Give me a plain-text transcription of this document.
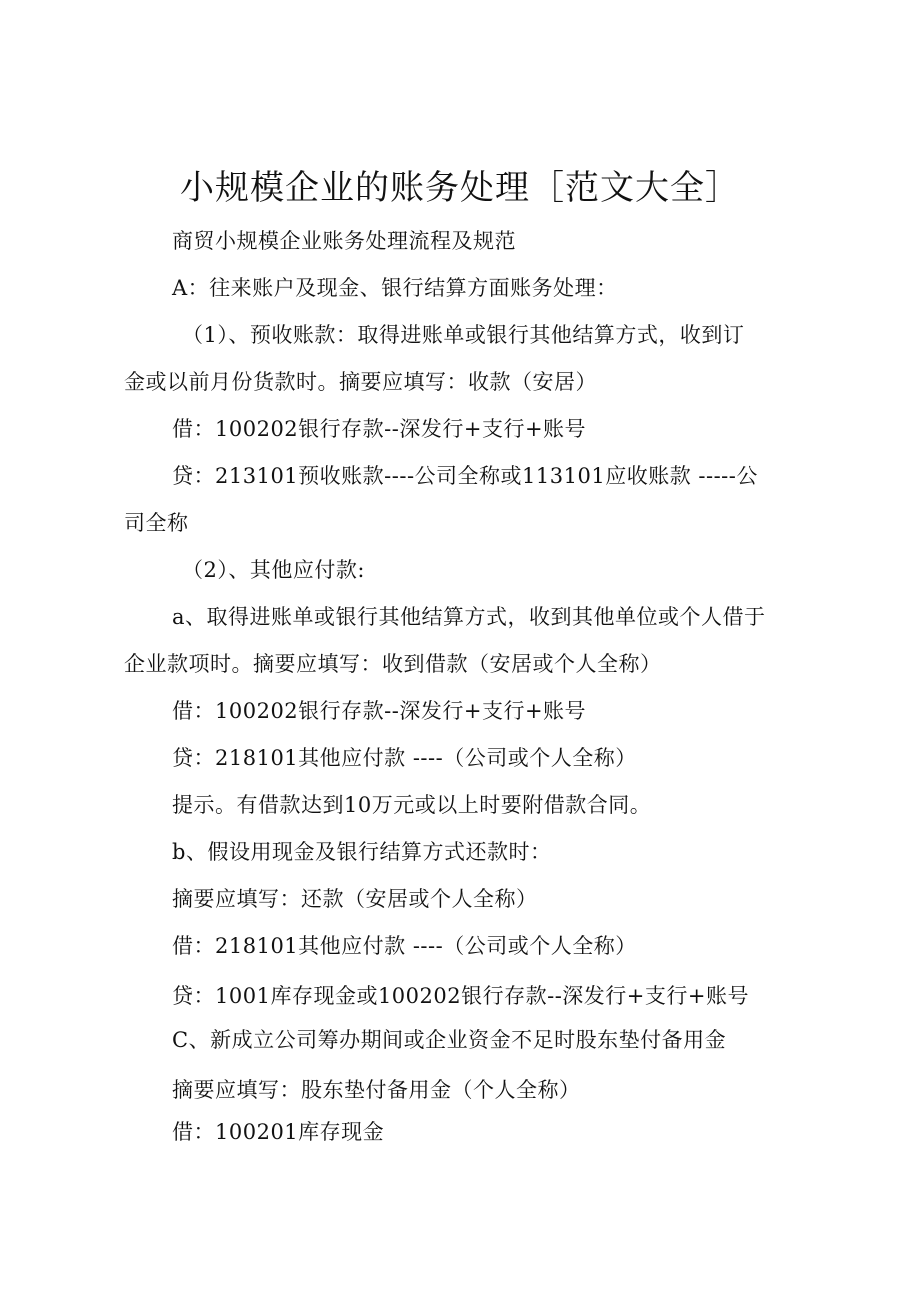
小规模企业的账务处理［范文大全］
商贸小规模企业账务处理流程及规范
A：往来账户及现金、银行结算方面账务处理：
（1）、预收账款：取得进账单或银行其他结算方式，收到订
金或以前月份货款时。摘要应填写：收款（安居）
借：100202银行存款--深发行+支行+账号
贷：213101预收账款----公司全称或113101应收账款 -----公
司全称
（2）、其他应付款:
a、取得进账单或银行其他结算方式，收到其他单位或个人借于
企业款项时。摘要应填写：收到借款（安居或个人全称）
借：100202银行存款--深发行+支行+账号
贷：218101其他应付款 ----（公司或个人全称）
提示。有借款达到10万元或以上时要附借款合同。
b、假设用现金及银行结算方式还款时：
摘要应填写：还款（安居或个人全称）
借：218101其他应付款 ----（公司或个人全称）
贷：1001库存现金或100202银行存款--深发行+支行+账号
C、新成立公司筹办期间或企业资金不足时股东垫付备用金
摘要应填写：股东垫付备用金（个人全称）
借：100201库存现金
